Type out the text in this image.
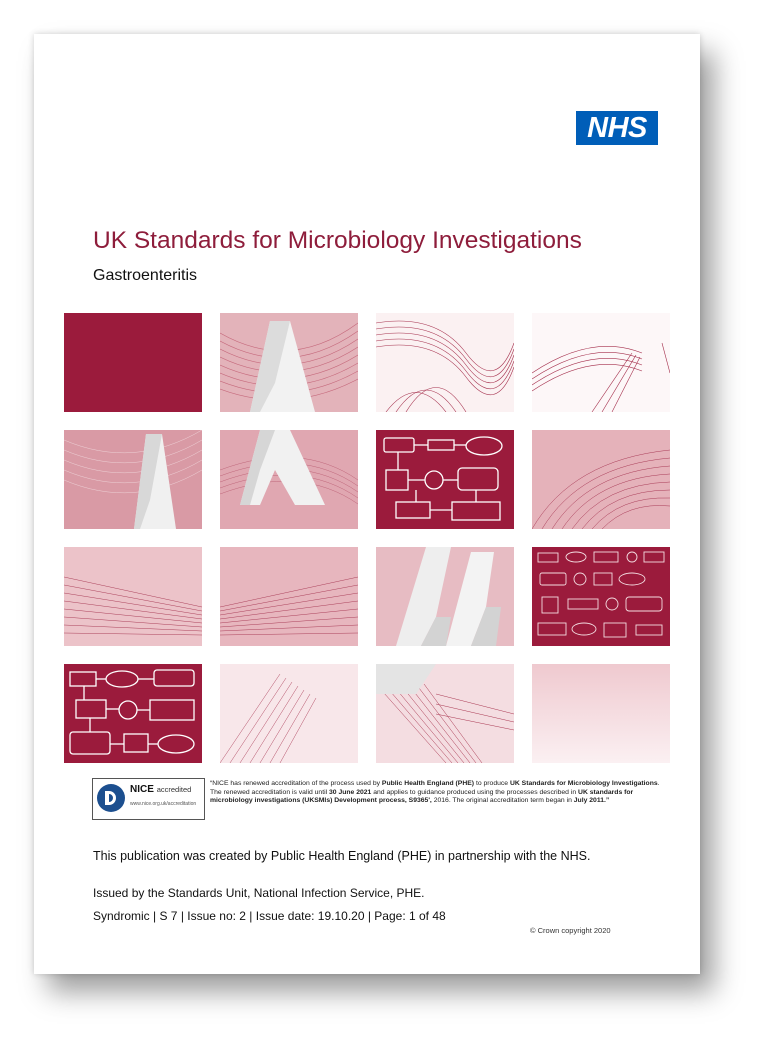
NHS
UK Standards for Microbiology Investigations
Gastroenteritis
NICE accredited
www.nice.org.uk/accreditation
“NICE has renewed accreditation of the process used by Public Health England (PHE) to produce UK Standards for Microbiology Investigations. The renewed accreditation is valid until 30 June 2021 and applies to guidance produced using the processes described in UK standards for microbiology investigations (UKSMIs) Development process, S9365', 2016. The original accreditation term began in July 2011.”
This publication was created by Public Health England (PHE) in partnership with the NHS.
Issued by the Standards Unit, National Infection Service, PHE.
Syndromic | S 7 | Issue no: 2 | Issue date: 19.10.20 | Page: 1 of 48
© Crown copyright 2020
